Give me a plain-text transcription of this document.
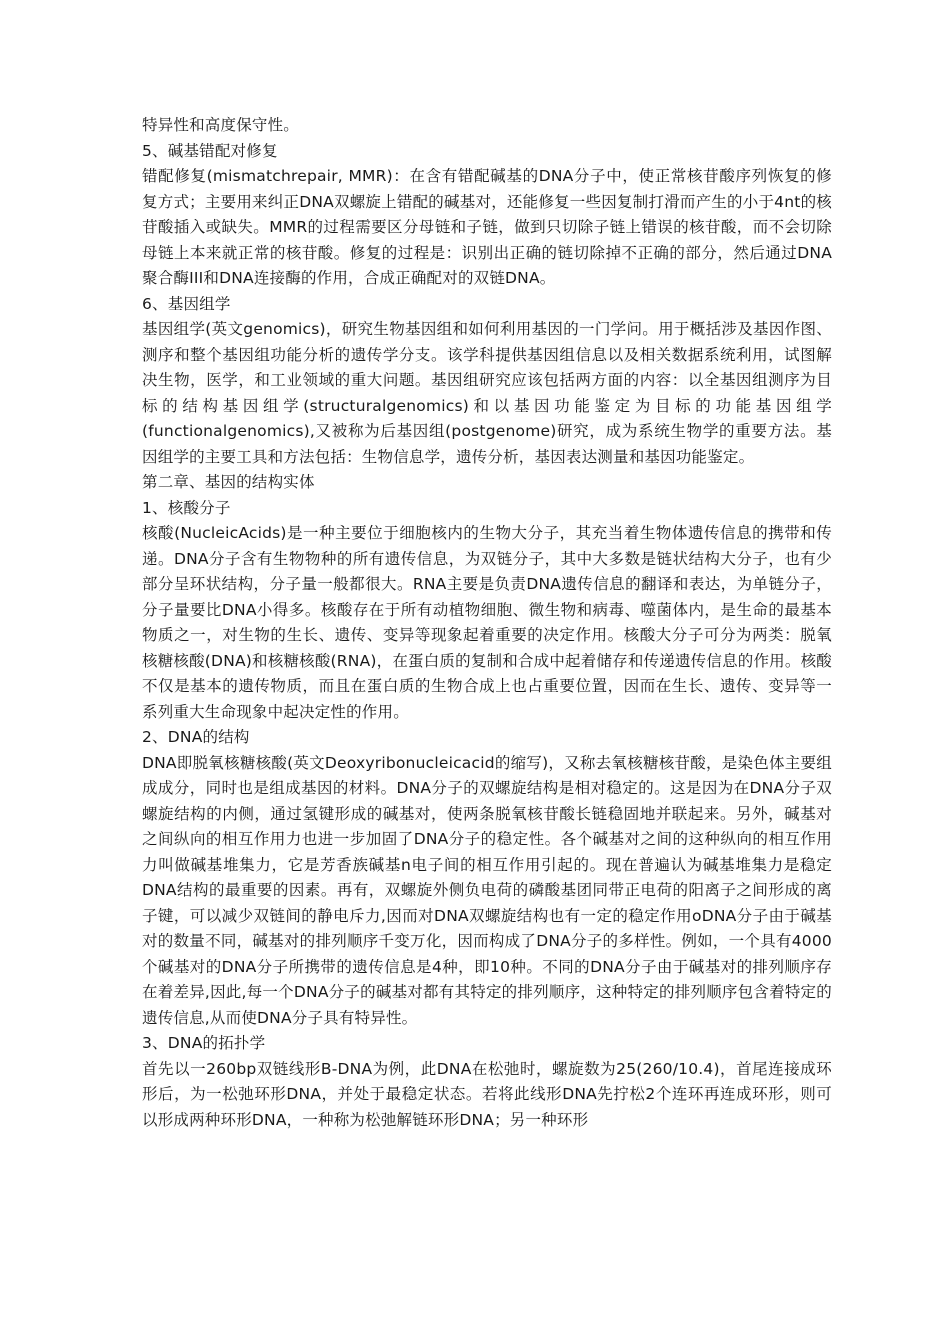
特异性和高度保守性。

5、碱基错配对修复

错配修复(mismatchrepair, MMR)：在含有错配碱基的DNA分子中，使正常核苷酸序列恢复的修复方式；主要用来纠正DNA双螺旋上错配的碱基对，还能修复一些因复制打滑而产生的小于4nt的核苷酸插入或缺失。MMR的过程需要区分母链和子链，做到只切除子链上错误的核苷酸，而不会切除母链上本来就正常的核苷酸。修复的过程是：识别出正确的链切除掉不正确的部分，然后通过DNA聚合酶III和DNA连接酶的作用，合成正确配对的双链DNA。

6、基因组学

基因组学(英文genomics)，研究生物基因组和如何利用基因的一门学问。用于概括涉及基因作图、测序和整个基因组功能分析的遗传学分支。该学科提供基因组信息以及相关数据系统利用，试图解决生物，医学，和工业领域的重大问题。基因组研究应该包括两方面的内容：以全基因组测序为目标的结构基因组学(structuralgenomics)和以基因功能鉴定为目标的功能基因组学(functionalgenomics),又被称为后基因组(postgenome)研究，成为系统生物学的重要方法。基因组学的主要工具和方法包括：生物信息学，遗传分析，基因表达测量和基因功能鉴定。

第二章、基因的结构实体

1、核酸分子

核酸(NucleicAcids)是一种主要位于细胞核内的生物大分子，其充当着生物体遗传信息的携带和传递。DNA分子含有生物物种的所有遗传信息，为双链分子，其中大多数是链状结构大分子，也有少部分呈环状结构，分子量一般都很大。RNA主要是负责DNA遗传信息的翻译和表达，为单链分子，分子量要比DNA小得多。核酸存在于所有动植物细胞、微生物和病毒、噬菌体内，是生命的最基本物质之一，对生物的生长、遗传、变异等现象起着重要的决定作用。核酸大分子可分为两类：脱氧核糖核酸(DNA)和核糖核酸(RNA)，在蛋白质的复制和合成中起着储存和传递遗传信息的作用。核酸不仅是基本的遗传物质，而且在蛋白质的生物合成上也占重要位置，因而在生长、遗传、变异等一系列重大生命现象中起决定性的作用。

2、DNA的结构

DNA即脱氧核糖核酸(英文Deoxyribonucleicacid的缩写)，又称去氧核糖核苷酸，是染色体主要组成成分，同时也是组成基因的材料。DNA分子的双螺旋结构是相对稳定的。这是因为在DNA分子双螺旋结构的内侧，通过氢键形成的碱基对，使两条脱氧核苷酸长链稳固地并联起来。另外，碱基对之间纵向的相互作用力也进一步加固了DNA分子的稳定性。各个碱基对之间的这种纵向的相互作用力叫做碱基堆集力，它是芳香族碱基n电子间的相互作用引起的。现在普遍认为碱基堆集力是稳定DNA结构的最重要的因素。再有，双螺旋外侧负电荷的磷酸基团同带正电荷的阳离子之间形成的离子键，可以减少双链间的静电斥力,因而对DNA双螺旋结构也有一定的稳定作用oDNA分子由于碱基对的数量不同，碱基对的排列顺序千变万化，因而构成了DNA分子的多样性。例如，一个具有4000个碱基对的DNA分子所携带的遗传信息是4种，即10种。不同的DNA分子由于碱基对的排列顺序存在着差异,因此,每一个DNA分子的碱基对都有其特定的排列顺序，这种特定的排列顺序包含着特定的遗传信息,从而使DNA分子具有特异性。

3、DNA的拓扑学

首先以一260bp双链线形B-DNA为例，此DNA在松弛时，螺旋数为25(260/10.4)，首尾连接成环形后，为一松弛环形DNA，并处于最稳定状态。若将此线形DNA先拧松2个连环再连成环形，则可以形成两种环形DNA，一种称为松弛解链环形DNA；另一种环形
